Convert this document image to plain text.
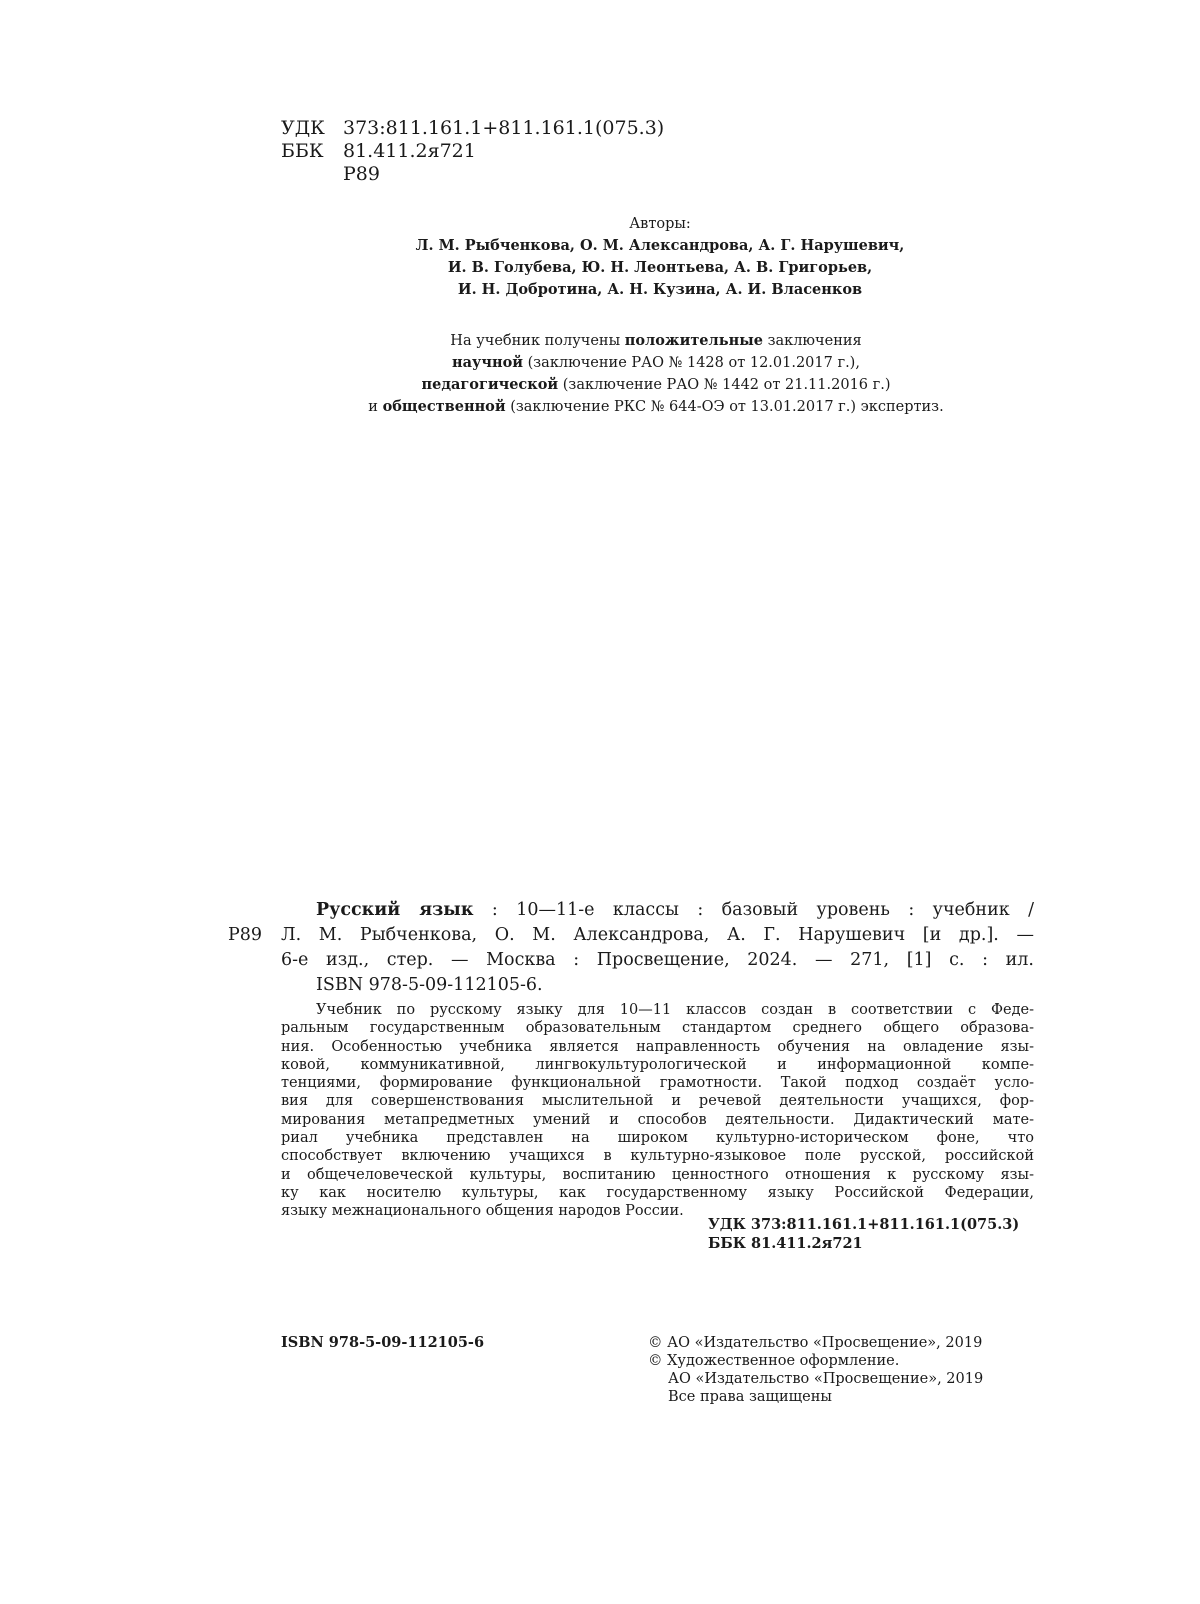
УДК 373:811.161.1+811.161.1(075.3)
ББК 81.411.2я721
Р89
Авторы:
Л. М. Рыбченкова, О. М. Александрова, А. Г. Нарушевич,
И. В. Голубева, Ю. Н. Леонтьева, А. В. Григорьев,
И. Н. Добротина, А. Н. Кузина, А. И. Власенков
На учебник получены положительные заключения
научной (заключение РАО № 1428 от 12.01.2017 г.),
педагогической (заключение РАО № 1442 от 21.11.2016 г.)
и общественной (заключение РКС № 644-ОЭ от 13.01.2017 г.) экспертиз.
Р89
Русский язык : 10—11-е классы : базовый уровень : учебник /
Л. М. Рыбченкова, О. М. Александрова, А. Г. Нарушевич [и др.]. —
6-е изд., стер. — Москва : Просвещение, 2024. — 271, [1] с. : ил.
ISBN 978-5-09-112105-6.
Учебник по русскому языку для 10—11 классов создан в соответствии с Феде-
ральным государственным образовательным стандартом среднего общего образова-
ния. Особенностью учебника является направленность обучения на овладение язы-
ковой, коммуникативной, лингвокультурологической и информационной компе-
тенциями, формирование функциональной грамотности. Такой подход создаёт усло-
вия для совершенствования мыслительной и речевой деятельности учащихся, фор-
мирования метапредметных умений и способов деятельности. Дидактический мате-
риал учебника представлен на широком культурно-историческом фоне, что
способствует включению учащихся в культурно-языковое поле русской, российской
и общечеловеческой культуры, воспитанию ценностного отношения к русскому язы-
ку как носителю культуры, как государственному языку Российской Федерации,
языку межнационального общения народов России.
УДК 373:811.161.1+811.161.1(075.3)
ББК 81.411.2я721
ISBN 978-5-09-112105-6	© АО «Издательство «Просвещение», 2019
© Художественное оформление.
АО «Издательство «Просвещение», 2019
Все права защищены
